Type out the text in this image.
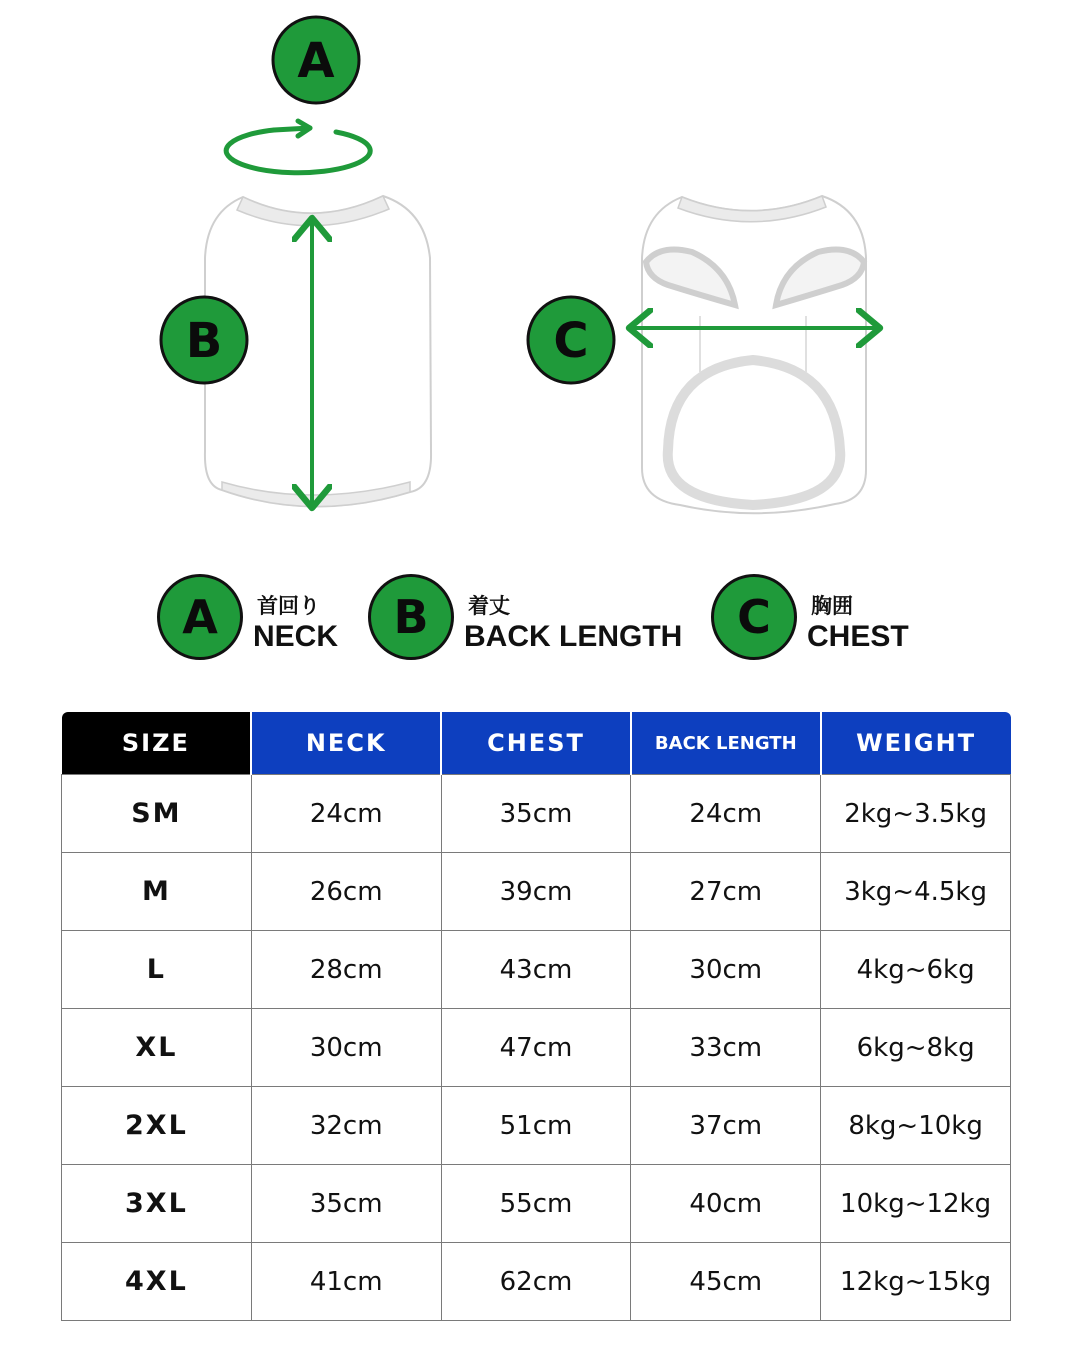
A
B	C
A 首回り
NECK B 着丈
BACK LENGTH C 胸囲
CHEST
SIZE	NECK	CHEST	BACK LENGTH	WEIGHT
SM	24cm	35cm	24cm	2kg~3.5kg
M	26cm	39cm	27cm	3kg~4.5kg
L	28cm	43cm	30cm	4kg~6kg
XL	30cm	47cm	33cm	6kg~8kg
2XL	32cm	51cm	37cm	8kg~10kg
3XL	35cm	55cm	40cm	10kg~12kg
4XL	41cm	62cm	45cm	12kg~15kg
